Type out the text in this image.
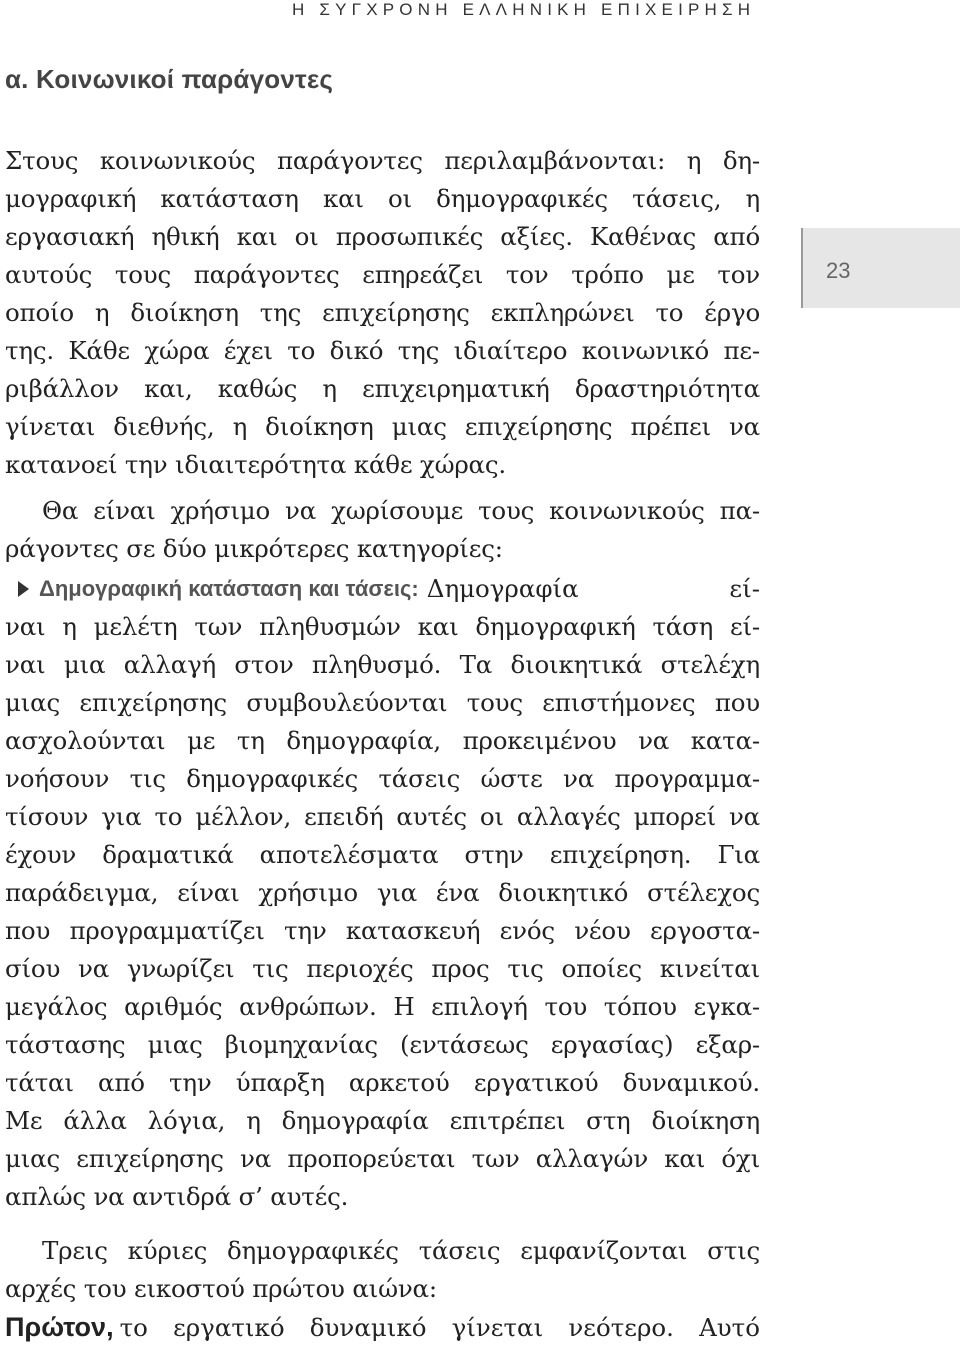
Η ΣΥΓΧΡΟΝΗ ΕΛΛΗΝΙΚΗ ΕΠΙΧΕΙΡΗΣΗ
α. Κοινωνικοί παράγοντες
23
Στους κοινωνικούς παράγοντες περιλαμβάνονται: η δη-
μογραφική κατάσταση και οι δημογραφικές τάσεις, η
εργασιακή ηθική και οι προσωπικές αξίες. Καθένας από
αυτούς τους παράγοντες επηρεάζει τον τρόπο με τον
οποίο η διοίκηση της επιχείρησης εκπληρώνει το έργο
της. Κάθε χώρα έχει το δικό της ιδιαίτερο κοινωνικό πε-
ριβάλλον και, καθώς η επιχειρηματική δραστηριότητα
γίνεται διεθνής, η διοίκηση μιας επιχείρησης πρέπει να
κατανοεί την ιδιαιτερότητα κάθε χώρας.
Θα είναι χρήσιμο να χωρίσουμε τους κοινωνικούς πα-
ράγοντες σε δύο μικρότερες κατηγορίες:
Δημογραφική κατάσταση και τάσεις: Δημογραφία εί-
ναι η μελέτη των πληθυσμών και δημογραφική τάση εί-
ναι μια αλλαγή στον πληθυσμό. Τα διοικητικά στελέχη
μιας επιχείρησης συμβουλεύονται τους επιστήμονες που
ασχολούνται με τη δημογραφία, προκειμένου να κατα-
νοήσουν τις δημογραφικές τάσεις ώστε να προγραμμα-
τίσουν για το μέλλον, επειδή αυτές οι αλλαγές μπορεί να
έχουν δραματικά αποτελέσματα στην επιχείρηση. Για
παράδειγμα, είναι χρήσιμο για ένα διοικητικό στέλεχος
που προγραμματίζει την κατασκευή ενός νέου εργοστα-
σίου να γνωρίζει τις περιοχές προς τις οποίες κινείται
μεγάλος αριθμός ανθρώπων. Η επιλογή του τόπου εγκα-
τάστασης μιας βιομηχανίας (εντάσεως εργασίας) εξαρ-
τάται από την ύπαρξη αρκετού εργατικού δυναμικού.
Με άλλα λόγια, η δημογραφία επιτρέπει στη διοίκηση
μιας επιχείρησης να προπορεύεται των αλλαγών και όχι
απλώς να αντιδρά σ’ αυτές.
Τρεις κύριες δημογραφικές τάσεις εμφανίζονται στις
αρχές του εικοστού πρώτου αιώνα:
Πρώτον, το εργατικό δυναμικό γίνεται νεότερο. Αυτό
